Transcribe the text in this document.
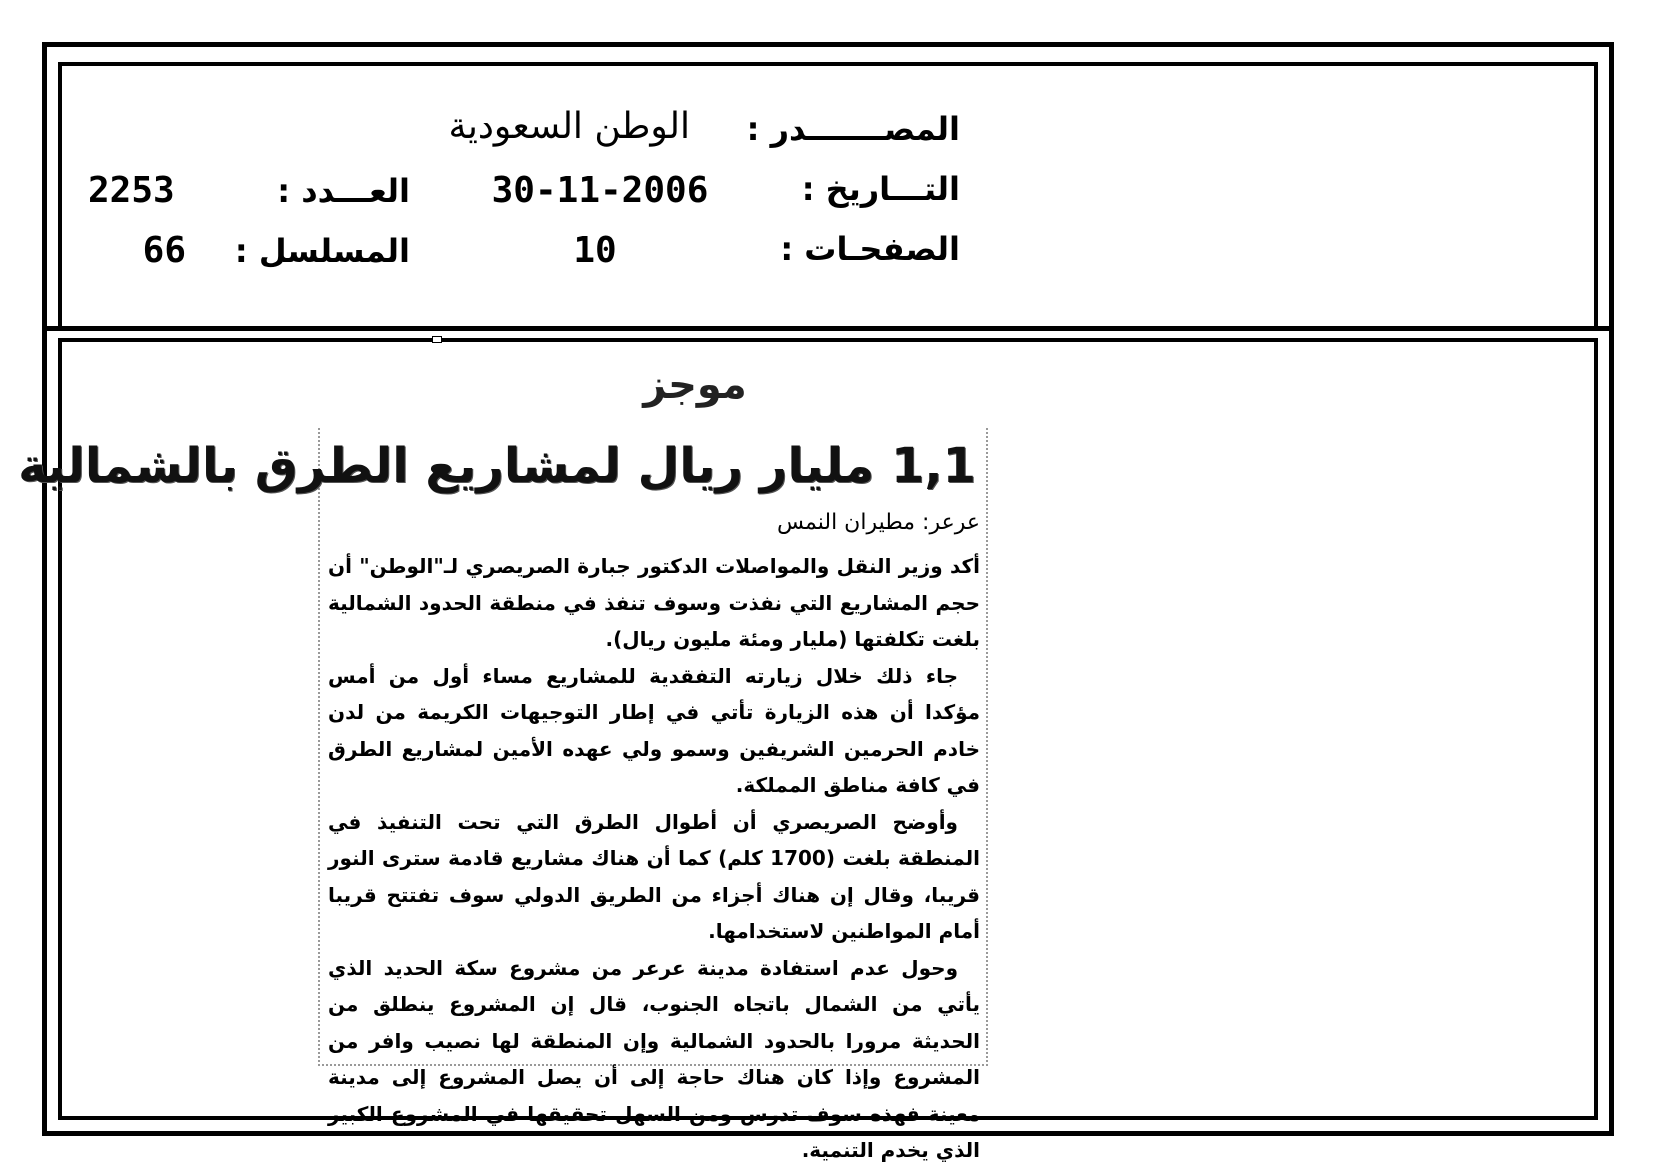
المصـــــــدر :
الوطن السعودية
التـــاريخ :
30-11-2006
العـــدد :
2253
الصفحـات :
10
المسلسل :
66
موجز
1,1 مليار ريال لمشاريع الطرق بالشمالية
عرعر: مطيران النمس

أكد وزير النقل والمواصلات الدكتور جبارة الصريصري لـ"الوطن" أن حجم المشاريع التي نفذت وسوف تنفذ في منطقة الحدود الشمالية بلغت تكلفتها (مليار ومئة مليون ريال).

جاء ذلك خلال زيارته التفقدية للمشاريع مساء أول من أمس مؤكدا أن هذه الزيارة تأتي في إطار التوجيهات الكريمة من لدن خادم الحرمين الشريفين وسمو ولي عهده الأمين لمشاريع الطرق في كافة مناطق المملكة.

وأوضح الصريصري أن أطوال الطرق التي تحت التنفيذ في المنطقة بلغت (1700 كلم) كما أن هناك مشاريع قادمة سترى النور قريبا، وقال إن هناك أجزاء من الطريق الدولي سوف تفتتح قريبا أمام المواطنين لاستخدامها.

وحول عدم استفادة مدينة عرعر من مشروع سكة الحديد الذي يأتي من الشمال باتجاه الجنوب، قال إن المشروع ينطلق من الحديثة مرورا بالحدود الشمالية وإن المنطقة لها نصيب وافر من المشروع وإذا كان هناك حاجة إلى أن يصل المشروع إلى مدينة معينة فهذه سوف تدرس ومن السهل تحقيقها في المشروع الكبير الذي يخدم التنمية.
